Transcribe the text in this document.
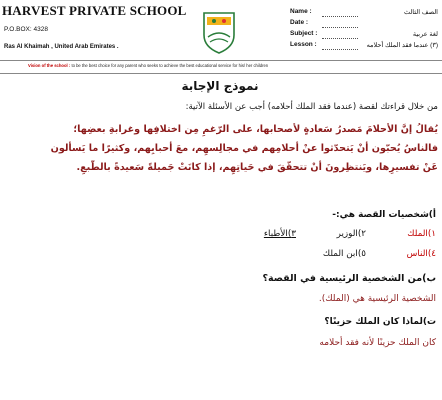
HARVEST PRIVATE SCHOOL
P.O.BOX: 4328
Ras Al Khaimah , United Arab Emirates .
Name :	الصف الثالث
Date :
Subject :	لغة عربية
Lesson :	(٣) عندما فقد الملك أحلامه
Vision of the school : to be the best choice for any parent who seeks to achieve the best educational service for his/ her children
نموذج الإجابة
من خلال قراءتك لقصة (عندما فقد الملك أحلامه) أجب عن الأسئلة الآتية:

يُقالُ إنَّ الأحلامَ مَصدرُ سَعادةٍ لأصحابها، على الرّغمِ مِن اختلافِها وغرابةِ بعضِها؛

فالناسُ يُحبّون أنْ يَتحدّثوا عنْ أحلامِهم في مجالِسهِم، معَ أحبابِهم، وكثيرًا ما يَسألون

عَنْ تفسيرِها، ويَنتظِرونَ أنْ تتحقّقَ في حَياتِهِم، إذا كانَتْ جَميلةً سَعيدةً بالطّبعِ.

أ)شخصيات القصة هي:-
١)الملك
٢)الوزير
٣)الأطباء
٤)الناس
٥)ابن الملك
ب)من الشخصية الرئيسية في القصة؟
الشخصية الرئيسية هي (الملك).
ت)لماذا كان الملك حزينًا؟
كان الملك حزينًا لأنه فقد أحلامه
